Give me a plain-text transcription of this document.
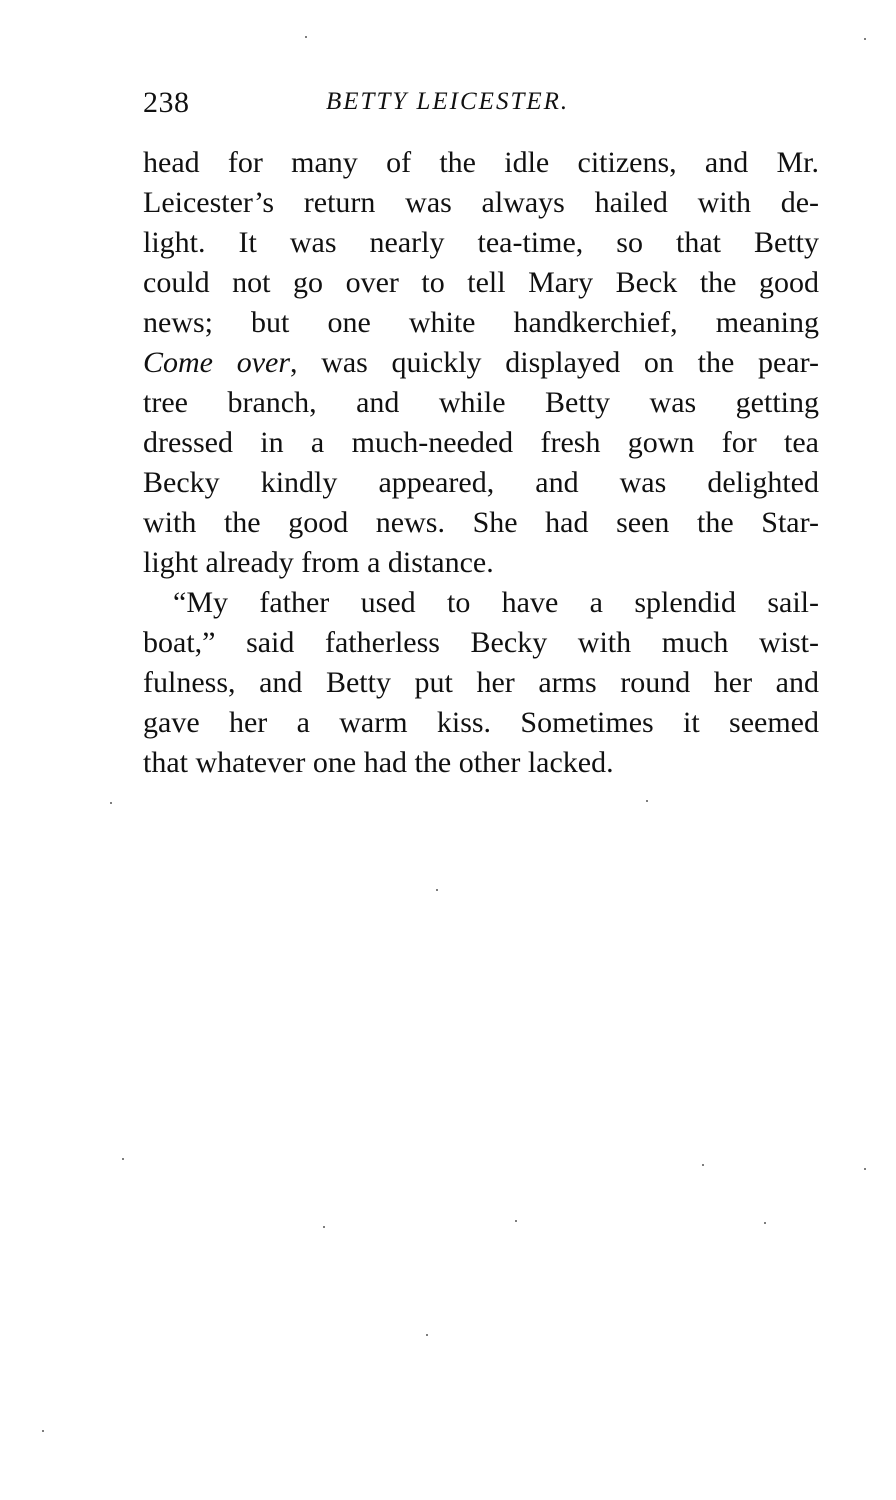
238	BETTY LEICESTER.
head for many of the idle citizens, and Mr.
Leicester’s return was always hailed with de-
light. It was nearly tea-time, so that Betty
could not go over to tell Mary Beck the good
news; but one white handkerchief, meaning
Come over, was quickly displayed on the pear-
tree branch, and while Betty was getting
dressed in a much-needed fresh gown for tea
Becky kindly appeared, and was delighted
with the good news. She had seen the Star-
light already from a distance.
“My father used to have a splendid sail-
boat,” said fatherless Becky with much wist-
fulness, and Betty put her arms round her and
gave her a warm kiss. Sometimes it seemed
that whatever one had the other lacked.
